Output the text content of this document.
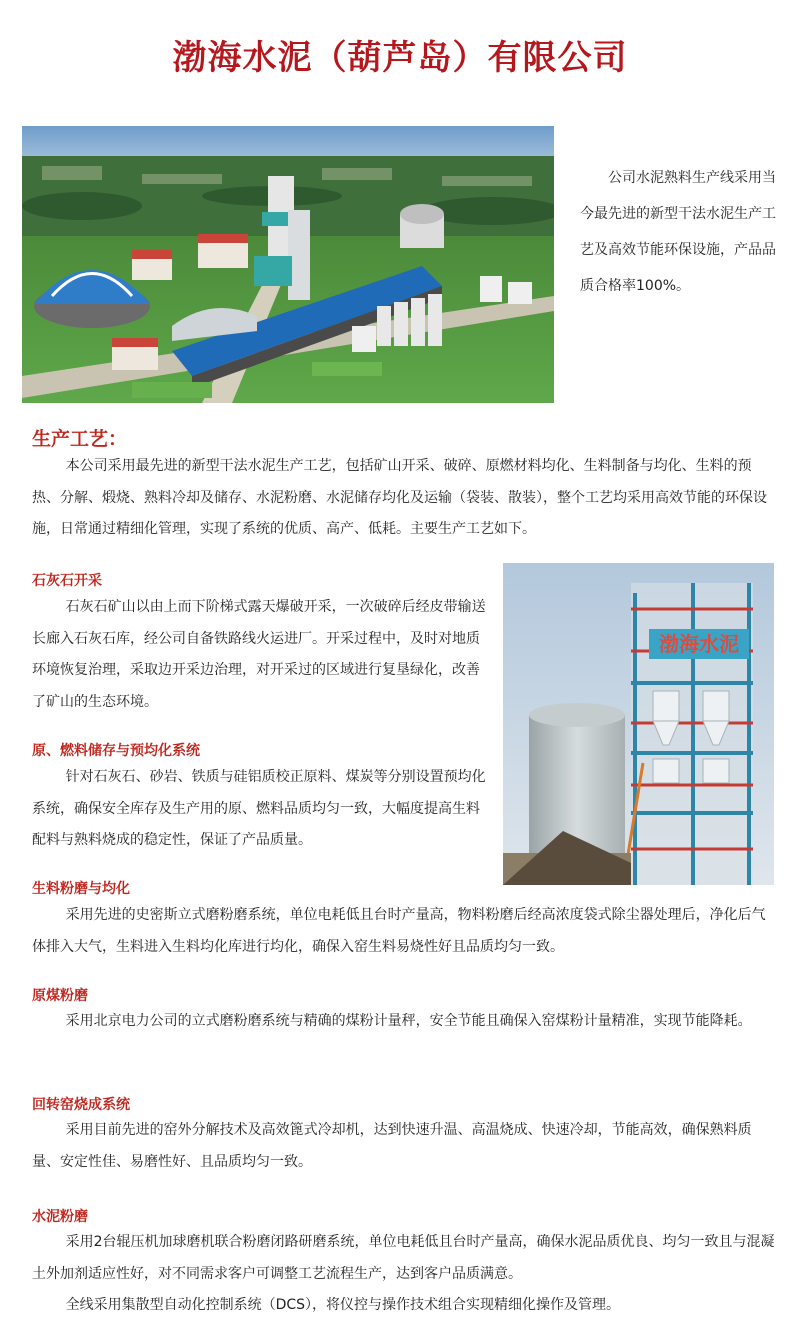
渤海水泥（葫芦岛）有限公司

公司水泥熟料生产线采用当今最先进的新型干法水泥生产工艺及高效节能环保设施，产品品质合格率100%。

生产工艺：

本公司采用最先进的新型干法水泥生产工艺，包括矿山开采、破碎、原燃材料均化、生料制备与均化、生料的预热、分解、煅烧、熟料冷却及储存、水泥粉磨、水泥储存均化及运输（袋装、散装），整个工艺均采用高效节能的环保设施，日常通过精细化管理，实现了系统的优质、高产、低耗。主要生产工艺如下。

石灰石开采

石灰石矿山以由上而下阶梯式露天爆破开采，一次破碎后经皮带输送长廊入石灰石库，经公司自备铁路线火运进厂。开采过程中，及时对地质环境恢复治理，采取边开采边治理，对开采过的区域进行复垦绿化，改善了矿山的生态环境。

原、燃料储存与预均化系统

针对石灰石、砂岩、铁质与硅铝质校正原料、煤炭等分别设置预均化系统，确保安全库存及生产用的原、燃料品质均匀一致，大幅度提高生料配料与熟料烧成的稳定性，保证了产品质量。

渤海水泥
生料粉磨与均化

采用先进的史密斯立式磨粉磨系统，单位电耗低且台时产量高，物料粉磨后经高浓度袋式除尘器处理后，净化后气体排入大气，生料进入生料均化库进行均化，确保入窑生料易烧性好且品质均匀一致。

原煤粉磨

采用北京电力公司的立式磨粉磨系统与精确的煤粉计量秤，安全节能且确保入窑煤粉计量精准，实现节能降耗。

回转窑烧成系统

采用目前先进的窑外分解技术及高效篦式冷却机，达到快速升温、高温烧成、快速冷却，节能高效，确保熟料质量、安定性佳、易磨性好、且品质均匀一致。

水泥粉磨

采用2台辊压机加球磨机联合粉磨闭路研磨系统，单位电耗低且台时产量高，确保水泥品质优良、均匀一致且与混凝土外加剂适应性好，对不同需求客户可调整工艺流程生产，达到客户品质满意。

全线采用集散型自动化控制系统（DCS），将仪控与操作技术组合实现精细化操作及管理。
